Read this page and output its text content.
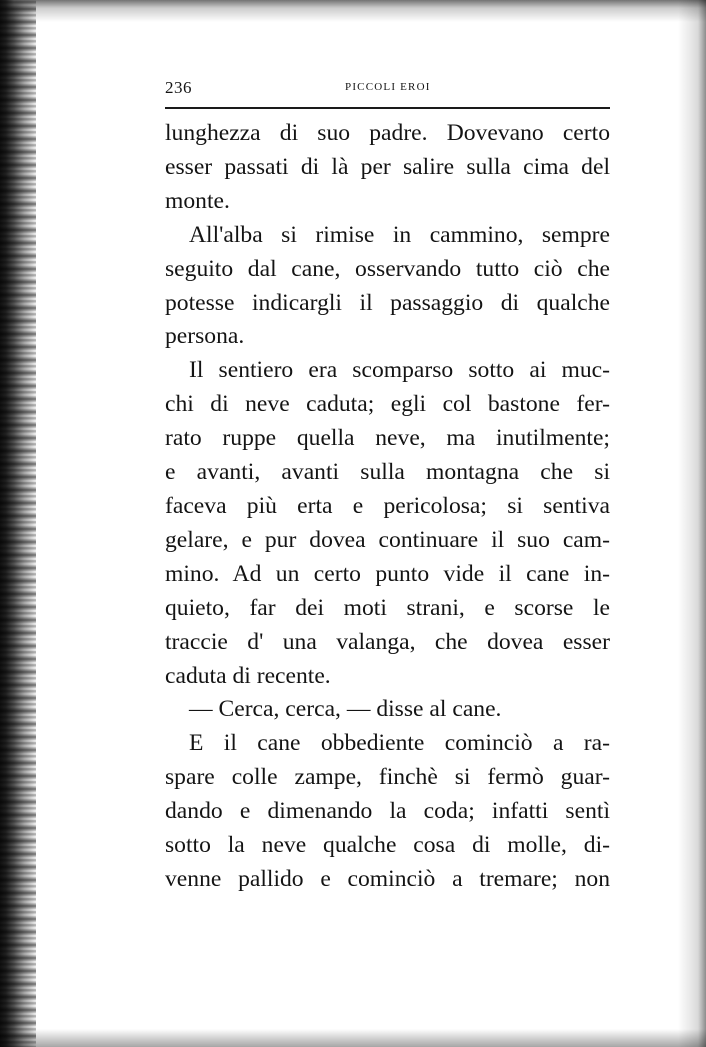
236	PICCOLI EROI

lunghezza di suo padre. Dovevano certo

esser passati di là per salire sulla cima del

monte.

All'alba si rimise in cammino, sempre

seguito dal cane, osservando tutto ciò che

potesse indicargli il passaggio di qualche

persona.

Il sentiero era scomparso sotto ai muc-

chi di neve caduta; egli col bastone fer-

rato ruppe quella neve, ma inutilmente;

e avanti, avanti sulla montagna che si

faceva più erta e pericolosa; si sentiva

gelare, e pur dovea continuare il suo cam-

mino. Ad un certo punto vide il cane in-

quieto, far dei moti strani, e scorse le

traccie d' una valanga, che dovea esser

caduta di recente.

— Cerca, cerca, — disse al cane.

E il cane obbediente cominciò a ra-

spare colle zampe, finchè si fermò guar-

dando e dimenando la coda; infatti sentì

sotto la neve qualche cosa di molle, di-

venne pallido e cominciò a tremare; non
